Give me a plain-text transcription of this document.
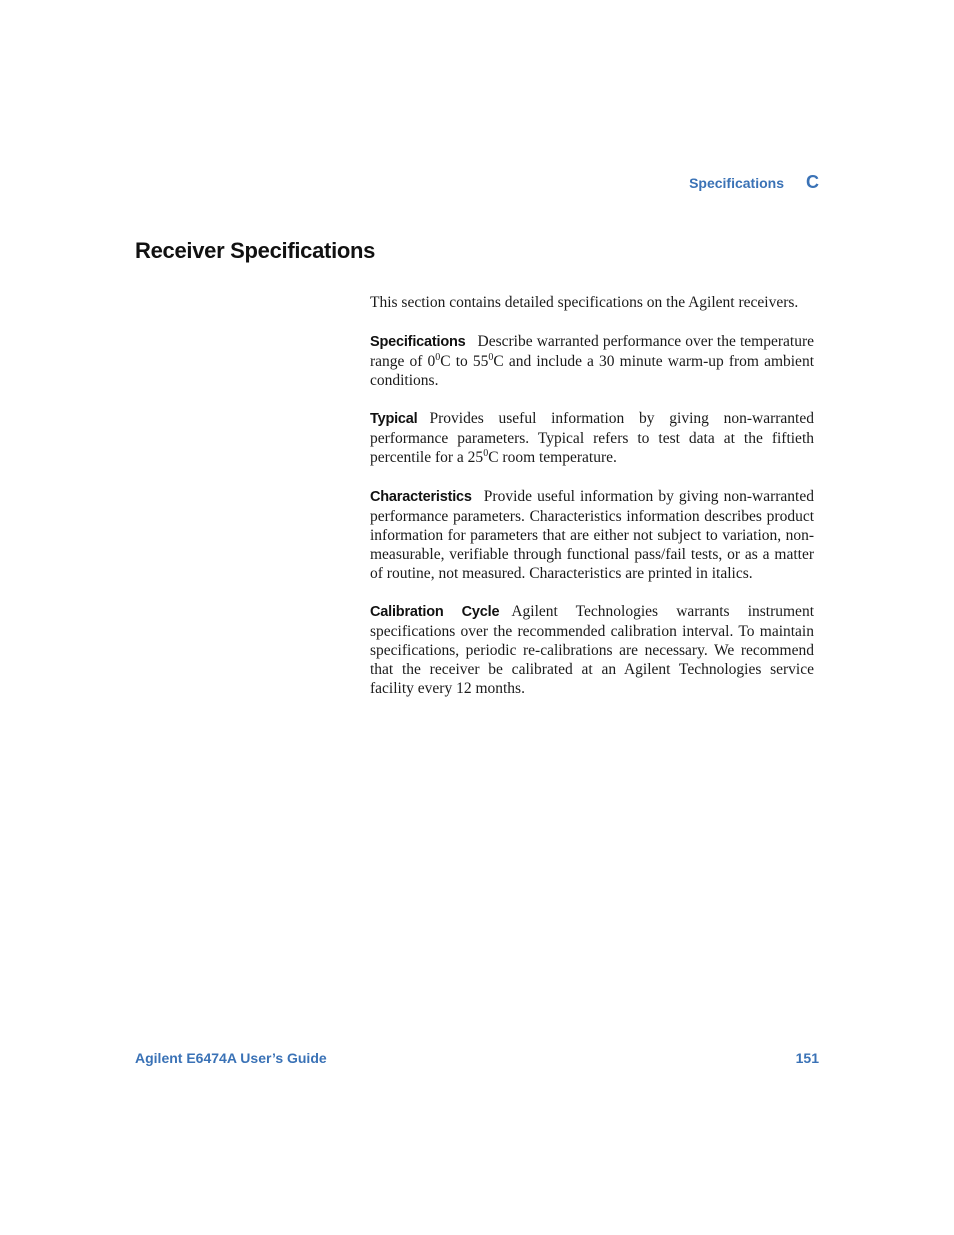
Specifications C
Receiver Specifications

This section contains detailed specifications on the Agilent receivers.

Specifications Describe warranted performance over the temperature range of $0^0C$ to $55^0C$ and include a 30 minute warm-up from ambient conditions.

Typical Provides useful information by giving non-warranted performance parameters. Typical refers to test data at the fiftieth percentile for a $25^0C$ room temperature.

Characteristics Provide useful information by giving non-warranted performance parameters. Characteristics information describes product information for parameters that are either not subject to variation, non-measurable, verifiable through functional pass/fail tests, or as a matter of routine, not measured. Characteristics are printed in italics.

Calibration Cycle Agilent Technologies warrants instrument specifications over the recommended calibration interval. To maintain specifications, periodic re-calibrations are necessary. We recommend that the receiver be calibrated at an Agilent Technologies service facility every 12 months.

Agilent E6474A User’s Guide	151
